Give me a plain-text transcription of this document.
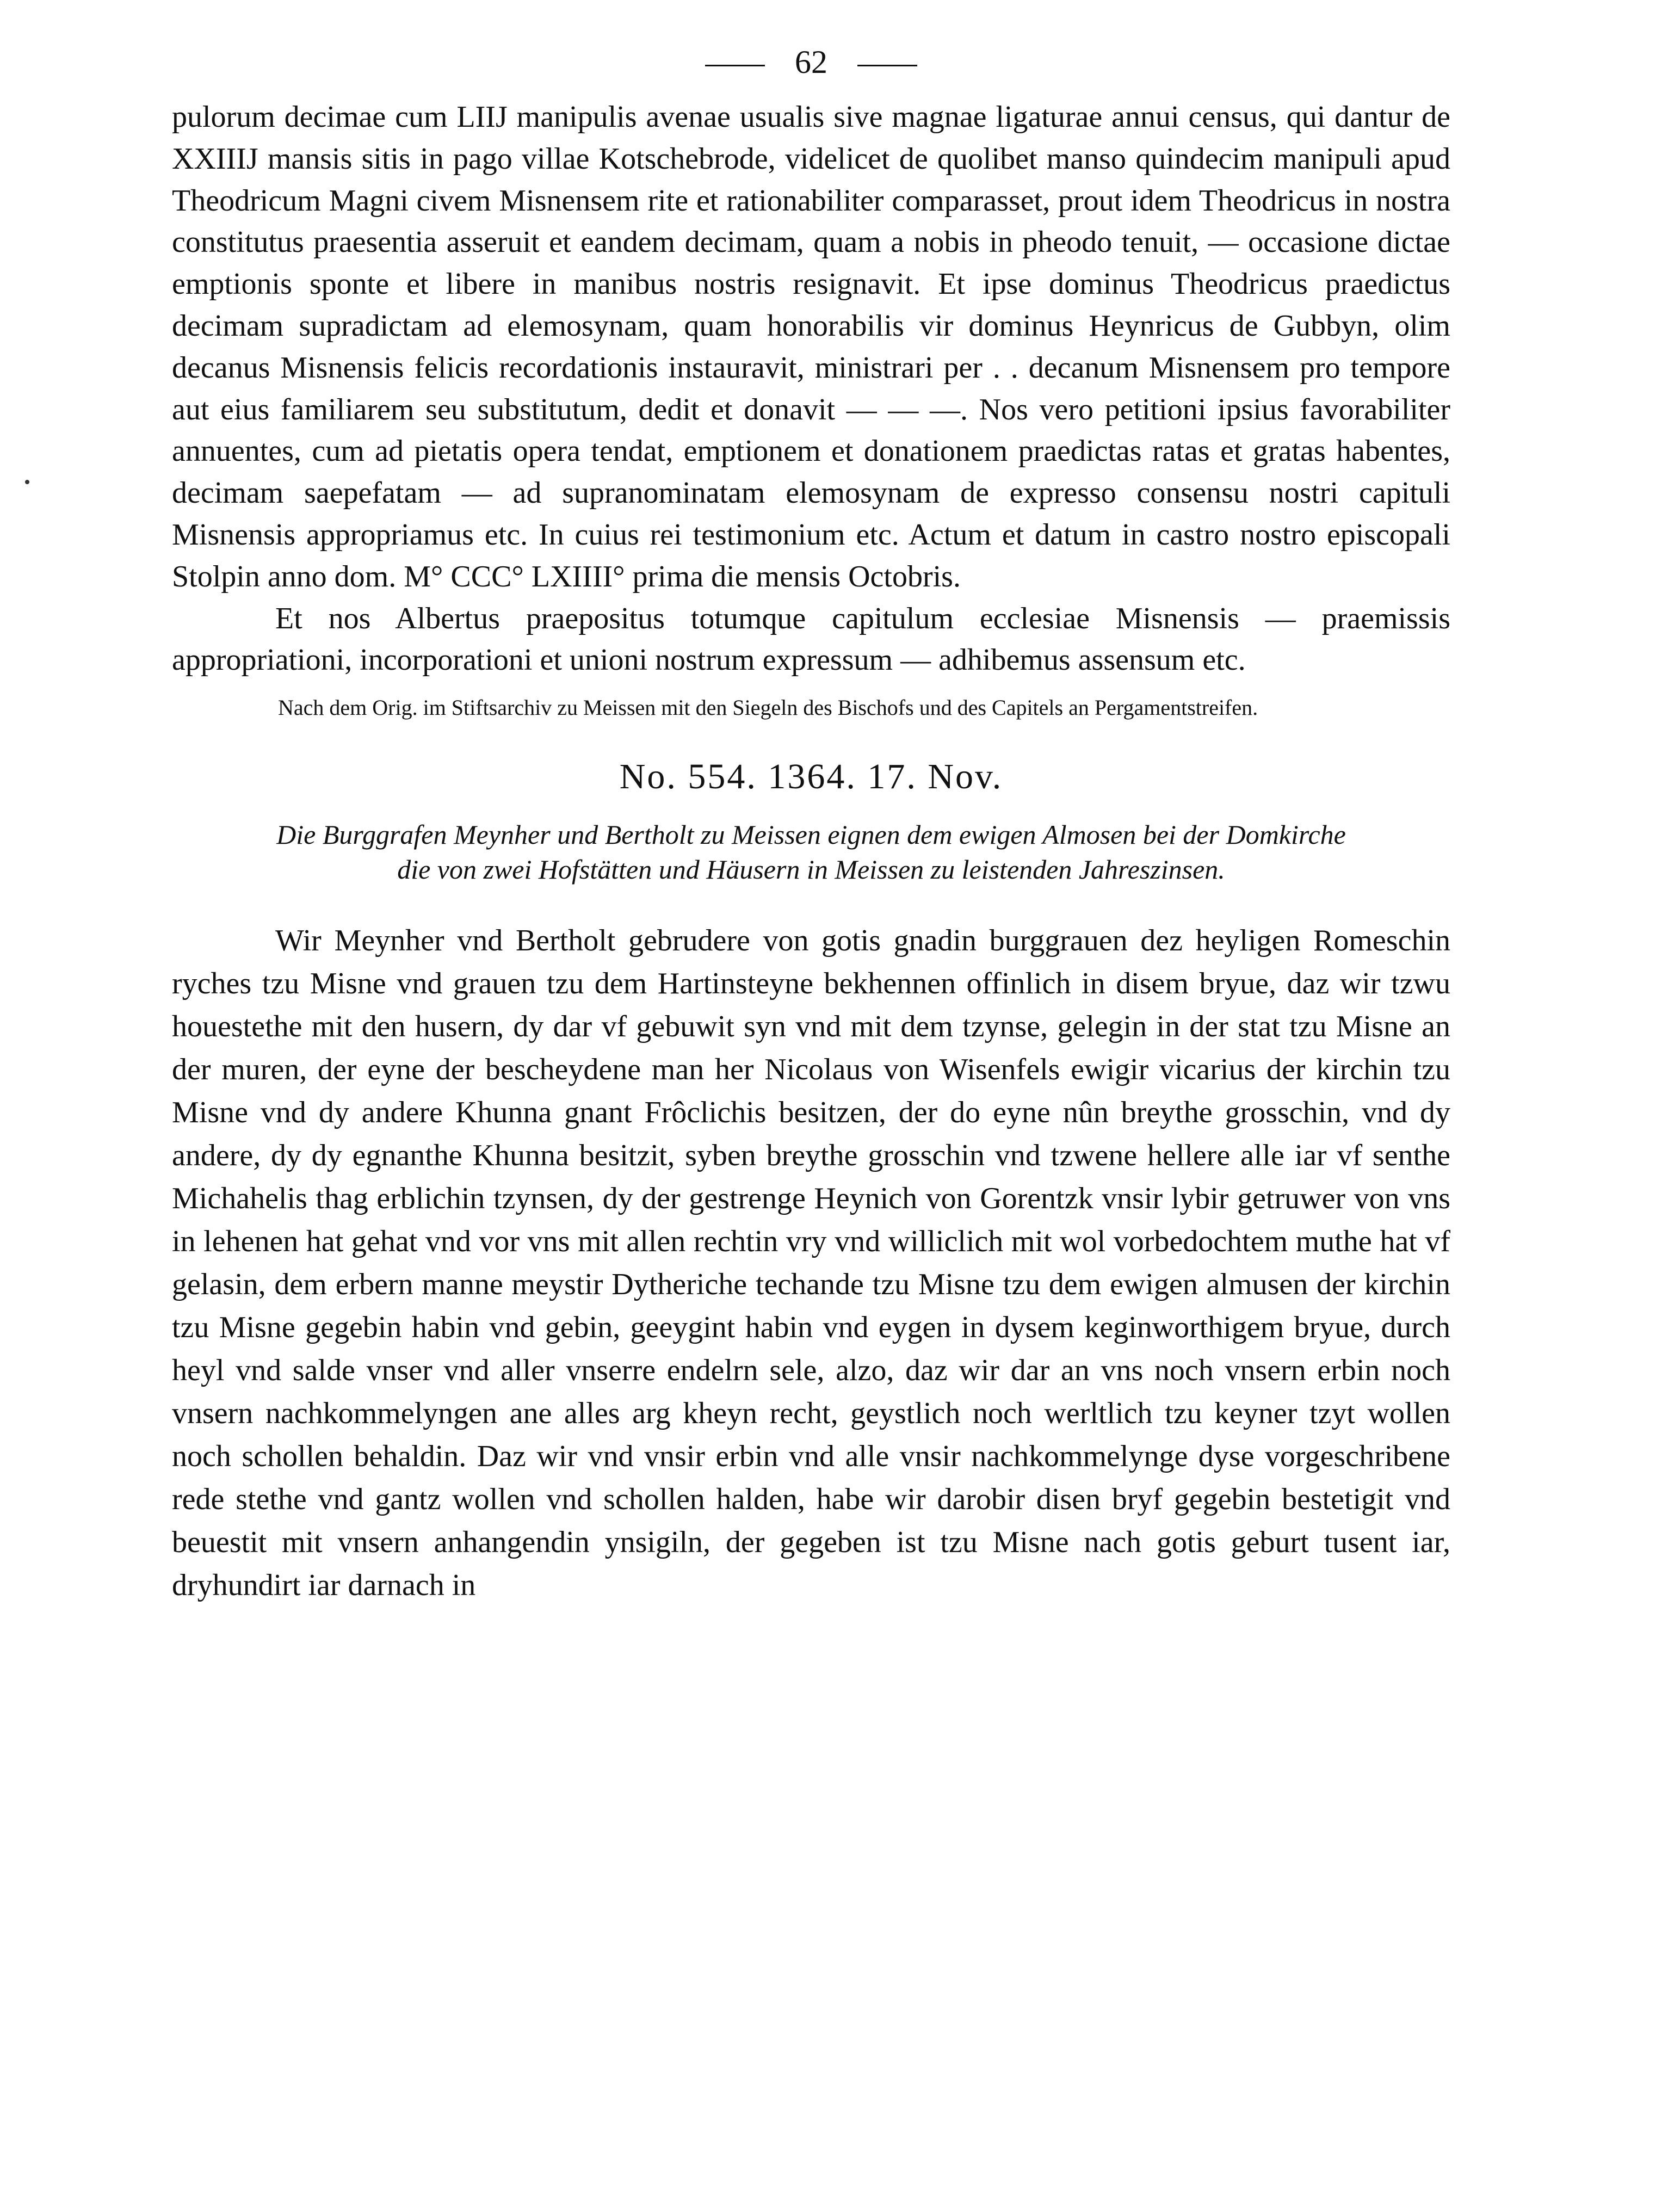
62

pulorum decimae cum LIIJ manipulis avenae usualis sive magnae ligaturae annui census, qui dantur de XXIIIJ mansis sitis in pago villae Kotschebrode, videlicet de quolibet manso quindecim manipuli apud Theodricum Magni civem Misnensem rite et rationabiliter comparasset, prout idem Theodricus in nostra constitutus praesentia asseruit et eandem decimam, quam a nobis in pheodo tenuit, — occasione dictae emptionis sponte et libere in manibus nostris resignavit. Et ipse dominus Theodricus praedictus decimam supradictam ad elemosynam, quam honorabilis vir dominus Heynricus de Gubbyn, olim decanus Misnensis felicis recordationis instauravit, ministrari per . . decanum Misnensem pro tempore aut eius familiarem seu substitutum, dedit et donavit — — —. Nos vero petitioni ipsius favorabiliter annuentes, cum ad pietatis opera tendat, emptionem et donationem praedictas ratas et gratas habentes, decimam saepefatam — ad supranominatam elemosynam de expresso consensu nostri capituli Misnensis appropriamus etc. In cuius rei testimonium etc. Actum et datum in castro nostro episcopali Stolpin anno dom. M° CCC° LXIIII° prima die mensis Octobris.

Et nos Albertus praepositus totumque capitulum ecclesiae Misnensis — praemissis appropriationi, incorporationi et unioni nostrum expressum — adhibemus assensum etc.

Nach dem Orig. im Stiftsarchiv zu Meissen mit den Siegeln des Bischofs und des Capitels an Pergamentstreifen.

No. 554. 1364. 17. Nov.
Die Burggrafen Meynher und Bertholt zu Meissen eignen dem ewigen Almosen bei der Domkirche
die von zwei Hofstätten und Häusern in Meissen zu leistenden Jahreszinsen.

Wir Meynher vnd Bertholt gebrudere von gotis gnadin burggrauen dez heyligen Romeschin ryches tzu Misne vnd grauen tzu dem Hartinsteyne bekhennen offinlich in disem bryue, daz wir tzwu houestethe mit den husern, dy dar vf gebuwit syn vnd mit dem tzynse, gelegin in der stat tzu Misne an der muren, der eyne der bescheydene man her Nicolaus von Wisenfels ewigir vicarius der kirchin tzu Misne vnd dy andere Khunna gnant Frôclichis besitzen, der do eyne nûn breythe grosschin, vnd dy andere, dy dy egnanthe Khunna besitzit, syben breythe grosschin vnd tzwene hellere alle iar vf senthe Michahelis thag erblichin tzynsen, dy der gestrenge Heynich von Gorentzk vnsir lybir getruwer von vns in lehenen hat gehat vnd vor vns mit allen rechtin vry vnd williclich mit wol vorbedochtem muthe hat vf gelasin, dem erbern manne meystir Dytheriche techande tzu Misne tzu dem ewigen almusen der kirchin tzu Misne gegebin habin vnd gebin, geeygint habin vnd eygen in dysem keginworthigem bryue, durch heyl vnd salde vnser vnd aller vnserre endelrn sele, alzo, daz wir dar an vns noch vnsern erbin noch vnsern nachkommelyngen ane alles arg kheyn recht, geystlich noch werltlich tzu keyner tzyt wollen noch schollen behaldin. Daz wir vnd vnsir erbin vnd alle vnsir nachkommelynge dyse vorgeschribene rede stethe vnd gantz wollen vnd schollen halden, habe wir darobir disen bryf gegebin bestetigit vnd beuestit mit vnsern anhangendin ynsigiln, der gegeben ist tzu Misne nach gotis geburt tusent iar, dryhundirt iar darnach in
